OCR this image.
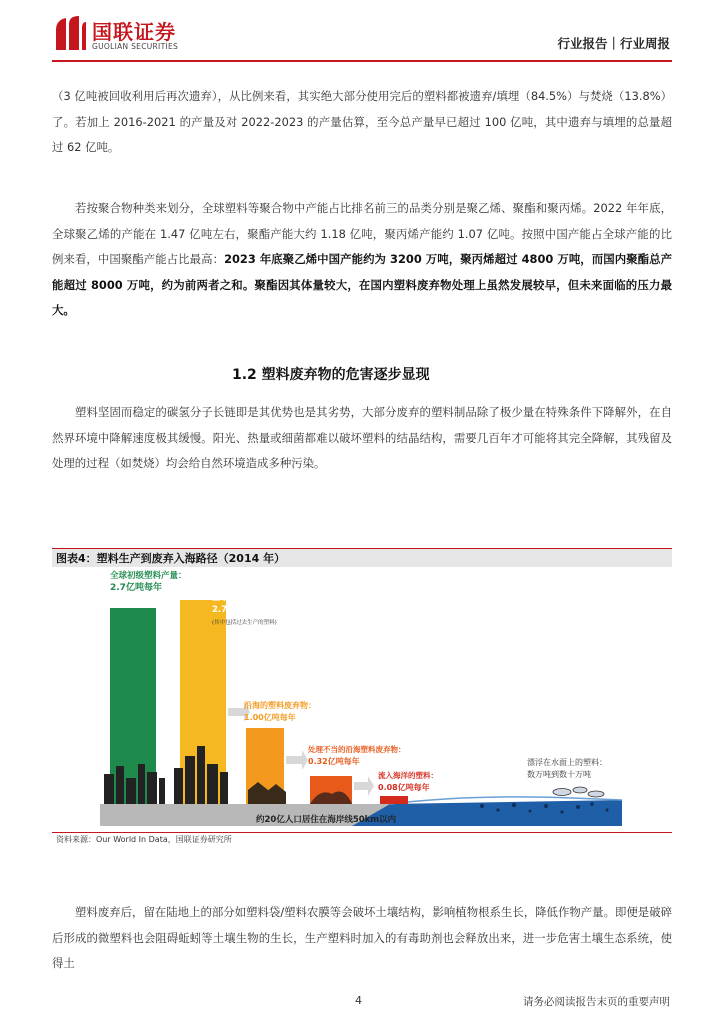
国联证券
GUOLIAN SECURITIES	行业报告｜行业周报
（3 亿吨被回收利用后再次遗弃），从比例来看，其实绝大部分使用完后的塑料都被遗弃/填埋（84.5%）与焚烧（13.8%）了。若加上 2016-2021 的产量及对 2022-2023 的产量估算，至今总产量早已超过 100 亿吨，其中遗弃与填埋的总量超过 62 亿吨。
若按聚合物种类来划分，全球塑料等聚合物中产能占比排名前三的品类分别是聚乙烯、聚酯和聚丙烯。2022 年年底，全球聚乙烯的产能在 1.47 亿吨左右，聚酯产能大约 1.18 亿吨，聚丙烯产能约 1.07 亿吨。按照中国产能占全球产能的比例来看，中国聚酯产能占比最高：2023 年底聚乙烯中国产能约为 3200 万吨，聚丙烯超过 4800 万吨，而国内聚酯总产能超过 8000 万吨，约为前两者之和。聚酯因其体量较大，在国内塑料废弃物处理上虽然发展较早，但未来面临的压力最大。
1.2 塑料废弃物的危害逐步显现
塑料坚固而稳定的碳氢分子长链即是其优势也是其劣势，大部分废弃的塑料制品除了极少量在特殊条件下降解外，在自然界环境中降解速度极其缓慢。阳光、热量或细菌都难以破坏塑料的结晶结构，需要几百年才可能将其完全降解，其残留及处理的过程（如焚烧）均会给自然环境造成多种污染。
图表4：塑料生产到废弃入海路径（2014 年）
全球初级塑料产量：
2.7亿吨每年
全球塑料废弃物：
2.75亿吨每年
(其中包括过去生产的塑料)
沿海的塑料废弃物：
1.00亿吨每年
处理不当的沿海塑料废弃物：
0.32亿吨每年
流入海洋的塑料：
0.08亿吨每年
漂浮在水面上的塑料：
数万吨到数十万吨
约20亿人口居住在海岸线50km以内
资料来源：Our World In Data，国联证券研究所
塑料废弃后，留在陆地上的部分如塑料袋/塑料农膜等会破坏土壤结构，影响植物根系生长，降低作物产量。即便是破碎后形成的微塑料也会阻碍蚯蚓等土壤生物的生长，生产塑料时加入的有毒助剂也会释放出来，进一步危害土壤生态系统，使得土
4	请务必阅读报告末页的重要声明
